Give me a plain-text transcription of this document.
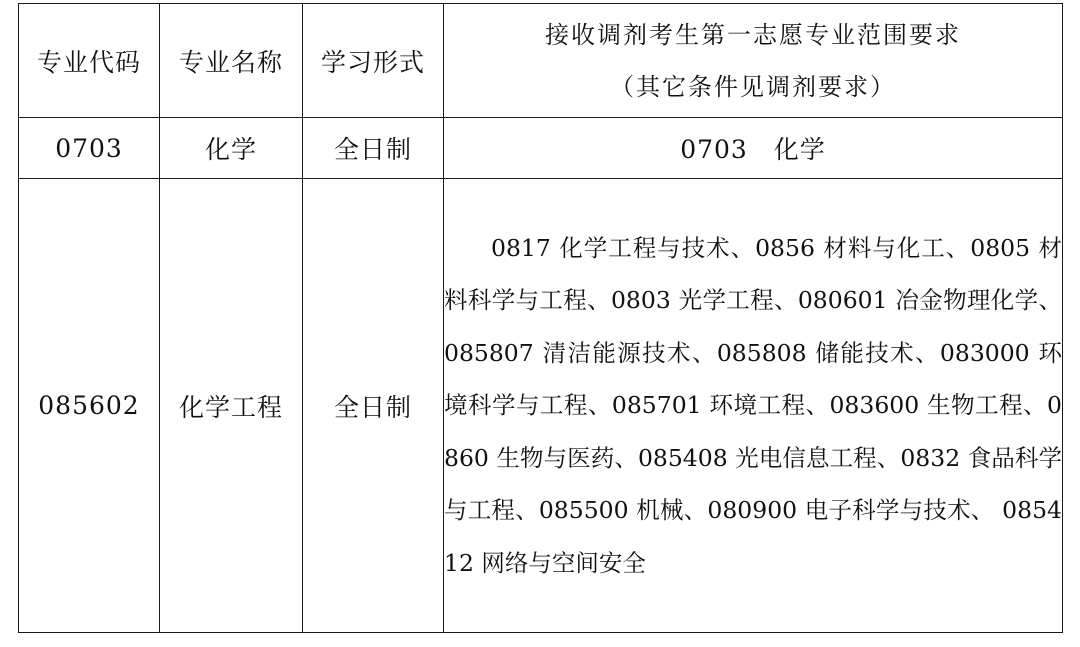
专业代码	专业名称	学习形式	接收调剂考生第一志愿专业范围要求
（其它条件见调剂要求）

0703	化学	全日制	0703　化学
085602	化学工程	全日制	0817 化学工程与技术、0856 材料与化工、0805 材料科学与工程、0803 光学工程、080601 冶金物理化学、085807 清洁能源技术、085808 储能技术、083000 环境科学与工程、085701 环境工程、083600 生物工程、0860 生物与医药、085408 光电信息工程、0832 食品科学与工程、085500 机械、080900 电子科学与技术、 085412 网络与空间安全
